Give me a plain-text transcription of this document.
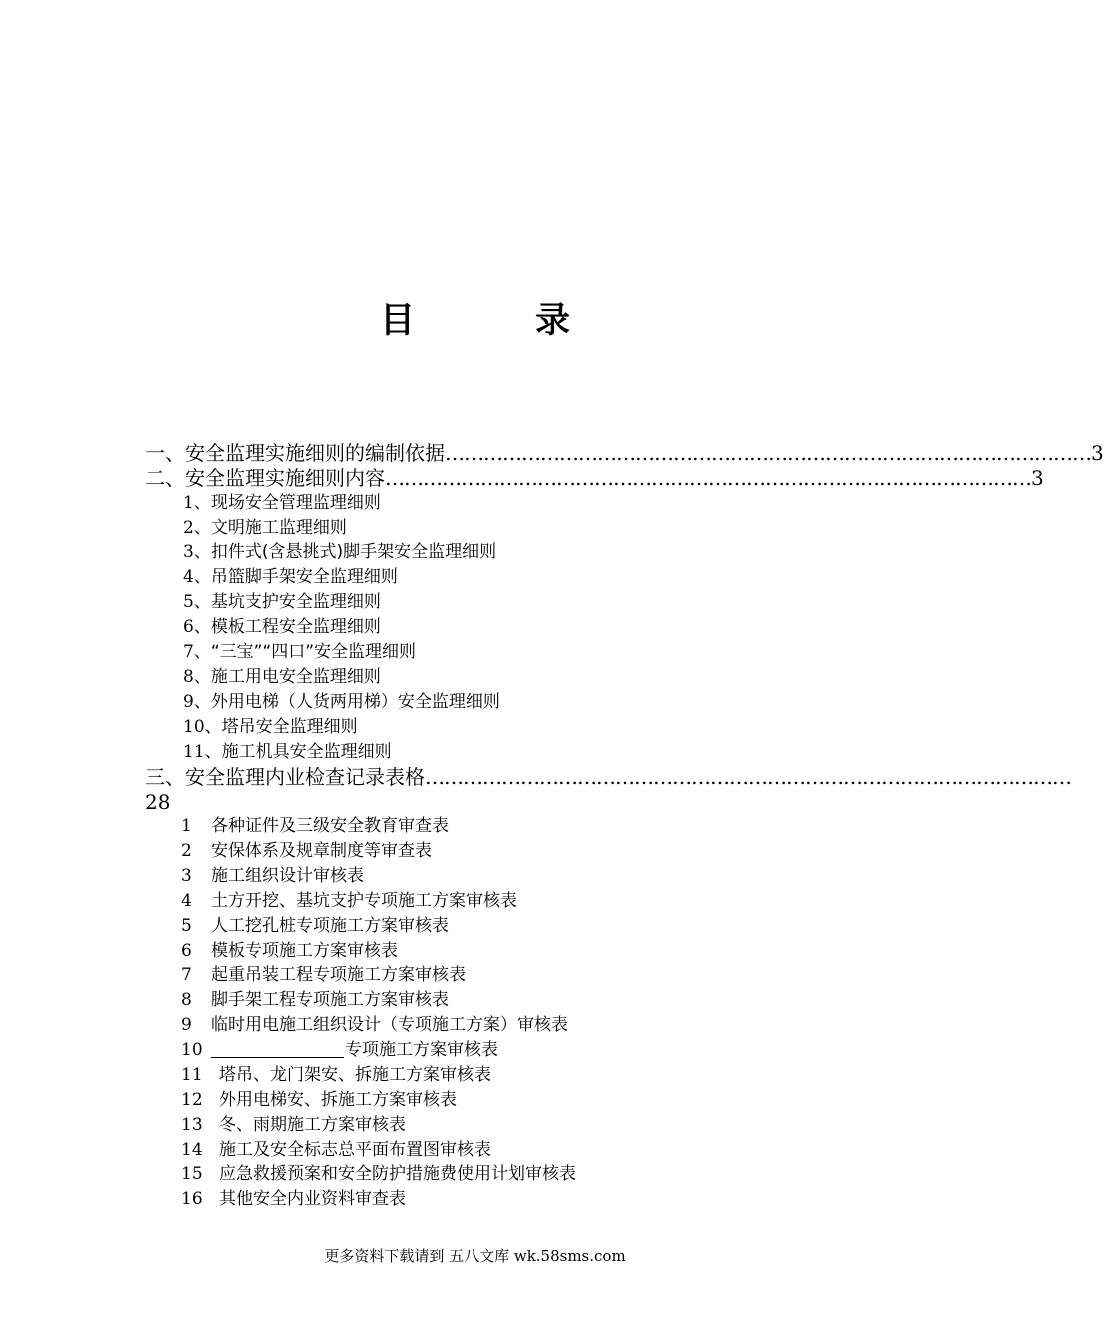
目	录
一、安全监理实施细则的编制依据 ………………………………………………………………………………………… 3
二、安全监理实施细则内容 ………………………………………………………………………………………… 3
1、现场安全管理监理细则
2、文明施工监理细则
3、扣件式(含悬挑式)脚手架安全监理细则
4、吊篮脚手架安全监理细则
5、基坑支护安全监理细则
6、模板工程安全监理细则
7、“三宝”“四口”安全监理细则
8、施工用电安全监理细则
9、外用电梯（人货两用梯）安全监理细则
10、塔吊安全监理细则
11、施工机具安全监理细则
三、安全监理内业检查记录表格 …………………………………………………………………………………………
28
1	各种证件及三级安全教育审查表
2	安保体系及规章制度等审查表
3	施工组织设计审核表
4	土方开挖、基坑支护专项施工方案审核表
5	人工挖孔桩专项施工方案审核表
6	模板专项施工方案审核表
7	起重吊装工程专项施工方案审核表
8	脚手架工程专项施工方案审核表
9	临时用电施工组织设计（专项施工方案）审核表
10	专项施工方案审核表
11 塔吊、龙门架安、拆施工方案审核表
12 外用电梯安、拆施工方案审核表
13 冬、雨期施工方案审核表
14 施工及安全标志总平面布置图审核表
15 应急救援预案和安全防护措施费使用计划审核表
16 其他安全内业资料审查表
更多资料下载请到 五八文库 wk.58sms.com
